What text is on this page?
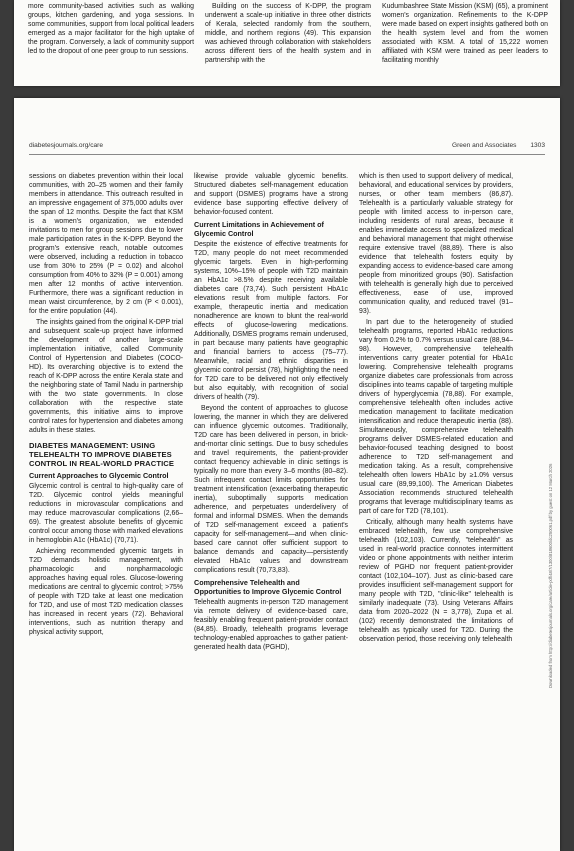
more community-based activities such as walking groups, kitchen gardening, and yoga sessions. In some communities, support from local political leaders emerged as a major facilitator for the high uptake of the program. Conversely, a lack of community support led to the dropout of one peer group to run sessions.

Building on the success of K-DPP, the program underwent a scale-up initiative in three other districts of Kerala, selected randomly from the southern, middle, and northern regions (49). This expansion was achieved through collaboration with stakeholders across different tiers of the health system and in partnership with the

Kudumbashree State Mission (KSM) (65), a prominent women's organization. Refinements to the K-DPP were made based on expert insights gathered both on the health system level and from the women associated with KSM. A total of 15,222 women affiliated with KSM were trained as peer leaders to facilitating monthly

diabetesjournals.org/care	Green and Associates 1303

sessions on diabetes prevention within their local communities, with 20–25 women and their family members in attendance. This outreach resulted in an impressive engagement of 375,000 adults over the span of 12 months. Despite the fact that KSM is a women's organization, we extended invitations to men for group sessions due to lower male participation rates in the K-DPP. Beyond the program's extensive reach, notable outcomes were observed, including a reduction in tobacco use from 30% to 25% (P = 0.02) and alcohol consumption from 40% to 32% (P = 0.001) among men after 12 months of active intervention. Furthermore, there was a significant reduction in mean waist circumference, by 2 cm (P < 0.001), for the entire population (44).

The insights gained from the original K-DPP trial and subsequent scale-up project have informed the development of another large-scale implementation initiative, called Community Control of Hypertension and Diabetes (COCO-HD). Its overarching objective is to extend the reach of K-DPP across the entire Kerala state and the neighboring state of Tamil Nadu in partnership with the two state governments. In close collaboration with the respective state governments, this initiative aims to improve control rates for hypertension and diabetes among adults in these states.

DIABETES MANAGEMENT: USING TELEHEALTH TO IMPROVE DIABETES CONTROL IN REAL-WORLD PRACTICE
Current Approaches to Glycemic Control

Glycemic control is central to high-quality care of T2D. Glycemic control yields meaningful reductions in microvascular complications and may reduce macrovascular complications (2,66–69). The greatest absolute benefits of glycemic control occur among those with marked elevations in hemoglobin A1c (HbA1c) (70,71).

Achieving recommended glycemic targets in T2D demands holistic management, with pharmacologic and nonpharmacologic approaches having equal roles. Glucose-lowering medications are central to glycemic control; >75% of people with T2D take at least one medication for T2D, and use of most T2D medication classes has increased in recent years (72). Behavioral interventions, such as nutrition therapy and physical activity support,

likewise provide valuable glycemic benefits. Structured diabetes self-management education and support (DSMES) programs have a strong evidence base supporting effective delivery of behavior-focused content.

Current Limitations in Achievement of Glycemic Control

Despite the existence of effective treatments for T2D, many people do not meet recommended glycemic targets. Even in high-performing systems, 10%–15% of people with T2D maintain an HbA1c >8.5% despite receiving available diabetes care (73,74). Such persistent HbA1c elevations result from multiple factors. For example, therapeutic inertia and medication nonadherence are known to blunt the real-world effects of glucose-lowering medications. Additionally, DSMES programs remain underused, in part because many patients have geographic and financial barriers to access (75–77). Meanwhile, racial and ethnic disparities in glycemic control persist (78), highlighting the need for T2D care to be delivered not only effectively but also equitably, with recognition of social drivers of health (79).

Beyond the content of approaches to glucose lowering, the manner in which they are delivered can influence glycemic outcomes. Traditionally, T2D care has been delivered in person, in brick-and-mortar clinic settings. Due to busy schedules and travel requirements, the patient-provider contact frequency achievable in clinic settings is typically no more than every 3–6 months (80–82). Such infrequent contact limits opportunities for treatment intensification (exacerbating therapeutic inertia), suboptimally supports medication adherence, and perpetuates underdelivery of formal and informal DSMES. When the demands of T2D self-management exceed a patient's capacity for self-management—and when clinic-based care cannot offer sufficient support to balance demands and capacity—persistently elevated HbA1c values and downstream complications result (70,73,83).

Comprehensive Telehealth and Opportunities to Improve Glycemic Control

Telehealth augments in-person T2D management via remote delivery of evidence-based care, feasibly enabling frequent patient-provider contact (84,85). Broadly, telehealth programs leverage technology-enabled approaches to gather patient-generated health data (PGHD),

which is then used to support delivery of medical, behavioral, and educational services by providers, nurses, or other team members (86,87). Telehealth is a particularly valuable strategy for people with limited access to in-person care, including residents of rural areas, because it enables immediate access to specialized medical and behavioral management that might otherwise require extensive travel (88,89). There is also evidence that telehealth fosters equity by expanding access to evidence-based care among people from minoritized groups (90). Satisfaction with telehealth is generally high due to perceived effectiveness, ease of use, improved communication quality, and reduced travel (91–93).

In part due to the heterogeneity of studied telehealth programs, reported HbA1c reductions vary from 0.2% to 0.7% versus usual care (88,94–98). However, comprehensive telehealth interventions carry greater potential for HbA1c lowering. Comprehensive telehealth programs organize diabetes care professionals from across disciplines into teams capable of targeting multiple drivers of hyperglycemia (78,88). For example, comprehensive telehealth often includes active medication management to facilitate medication intensification and reduce therapeutic inertia (88). Simultaneously, comprehensive telehealth programs deliver DSMES-related education and behavior-focused teaching designed to boost adherence to T2D self-management and medication taking. As a result, comprehensive telehealth often lowers HbA1c by ≥1.0% versus usual care (89,99,100). The American Diabetes Association recommends structured telehealth programs that leverage multidisciplinary teams as part of care for T2D (78,101).

Critically, although many health systems have embraced telehealth, few use comprehensive telehealth (102,103). Currently, "telehealth" as used in real-world practice connotes intermittent video or phone appointments with neither interim review of PGHD nor frequent patient-provider contact (102,104–107). Just as clinic-based care provides insufficient self-management support for many people with T2D, "clinic-like" telehealth is similarly inadequate (73). Using Veterans Affairs data from 2020–2022 (N = 3,778), Zupa et al. (102) recently demonstrated the limitations of telehealth as typically used for T2D. During the observation period, those receiving only telehealth	Downloaded from http://diabetesjournals.org/care/article-pdf/48/7/1300/818600/dc250061.pdf by guest on 12 March 2026
